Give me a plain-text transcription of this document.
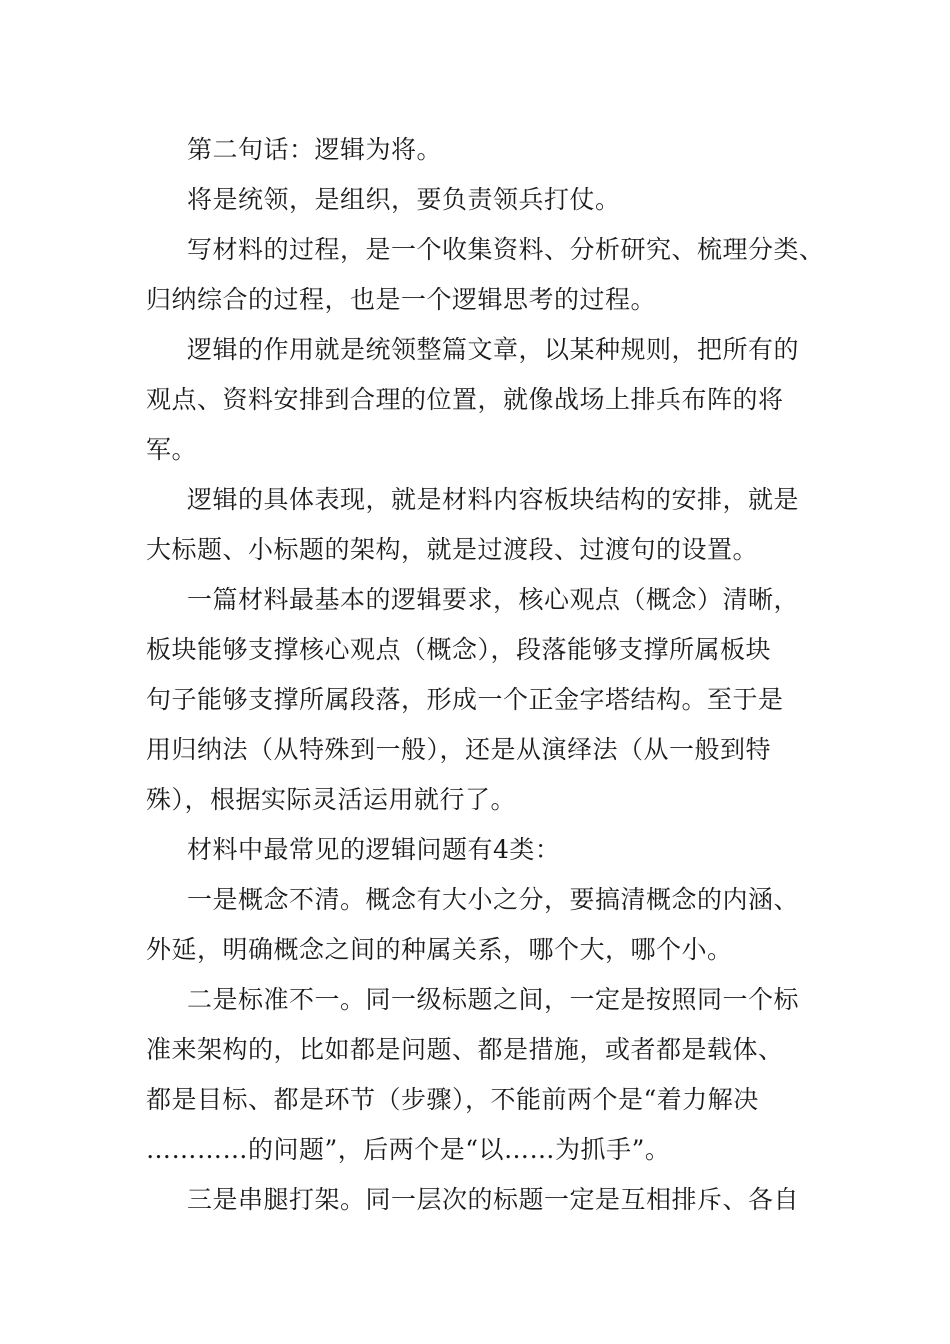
第二句话：逻辑为将。
将是统领，是组织，要负责领兵打仗。
写材料的过程，是一个收集资料、分析研究、梳理分类、
归纳综合的过程，也是一个逻辑思考的过程。
逻辑的作用就是统领整篇文章，以某种规则，把所有的
观点、资料安排到合理的位置，就像战场上排兵布阵的将
军。
逻辑的具体表现，就是材料内容板块结构的安排，就是
大标题、小标题的架构，就是过渡段、过渡句的设置。
一篇材料最基本的逻辑要求，核心观点（概念）清晰，
板块能够支撑核心观点（概念），段落能够支撑所属板块
句子能够支撑所属段落，形成一个正金字塔结构。至于是
用归纳法（从特殊到一般），还是从演绎法（从一般到特
殊），根据实际灵活运用就行了。
材料中最常见的逻辑问题有4类：
一是概念不清。概念有大小之分，要搞清概念的内涵、
外延，明确概念之间的种属关系，哪个大，哪个小。
二是标准不一。同一级标题之间，一定是按照同一个标
准来架构的，比如都是问题、都是措施，或者都是载体、
都是目标、都是环节（步骤），不能前两个是“着力解决
…………的问题”，后两个是“以……为抓手”。
三是串腿打架。同一层次的标题一定是互相排斥、各自
